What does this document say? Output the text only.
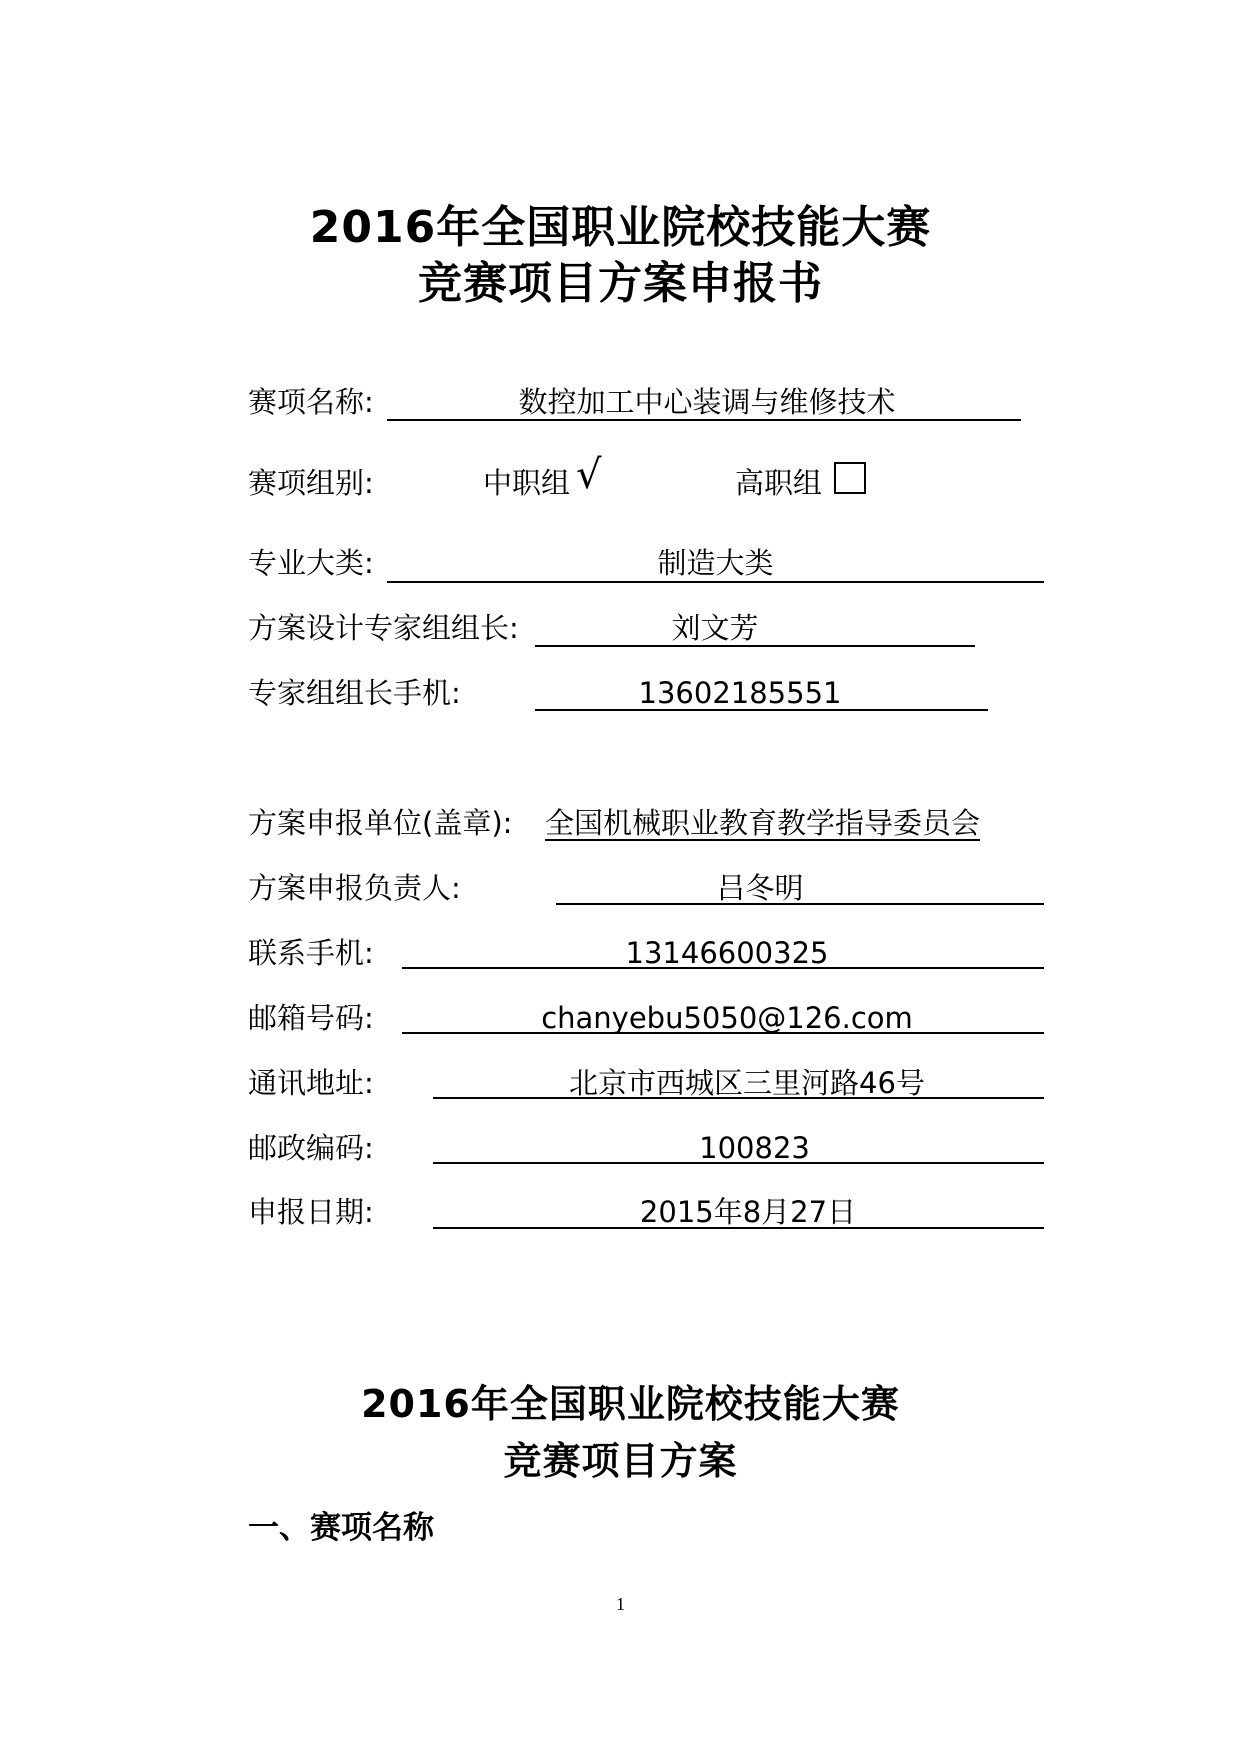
2016年全国职业院校技能大赛
竞赛项目方案申报书
赛项名称:	数控加工中心装调与维修技术
赛项组别:	中职组 √	高职组
专业大类:	制造大类
方案设计专家组组长:	刘文芳
专家组组长手机:	13602185551
方案申报单位(盖章): 全国机械职业教育教学指导委员会
方案申报负责人:	吕冬明
联系手机:	13146600325
邮箱号码:	chanyebu5050@126.com
通讯地址:	北京市西城区三里河路46号
邮政编码:	100823
申报日期:	2015年8月27日
2016年全国职业院校技能大赛
竞赛项目方案
一、赛项名称
1
